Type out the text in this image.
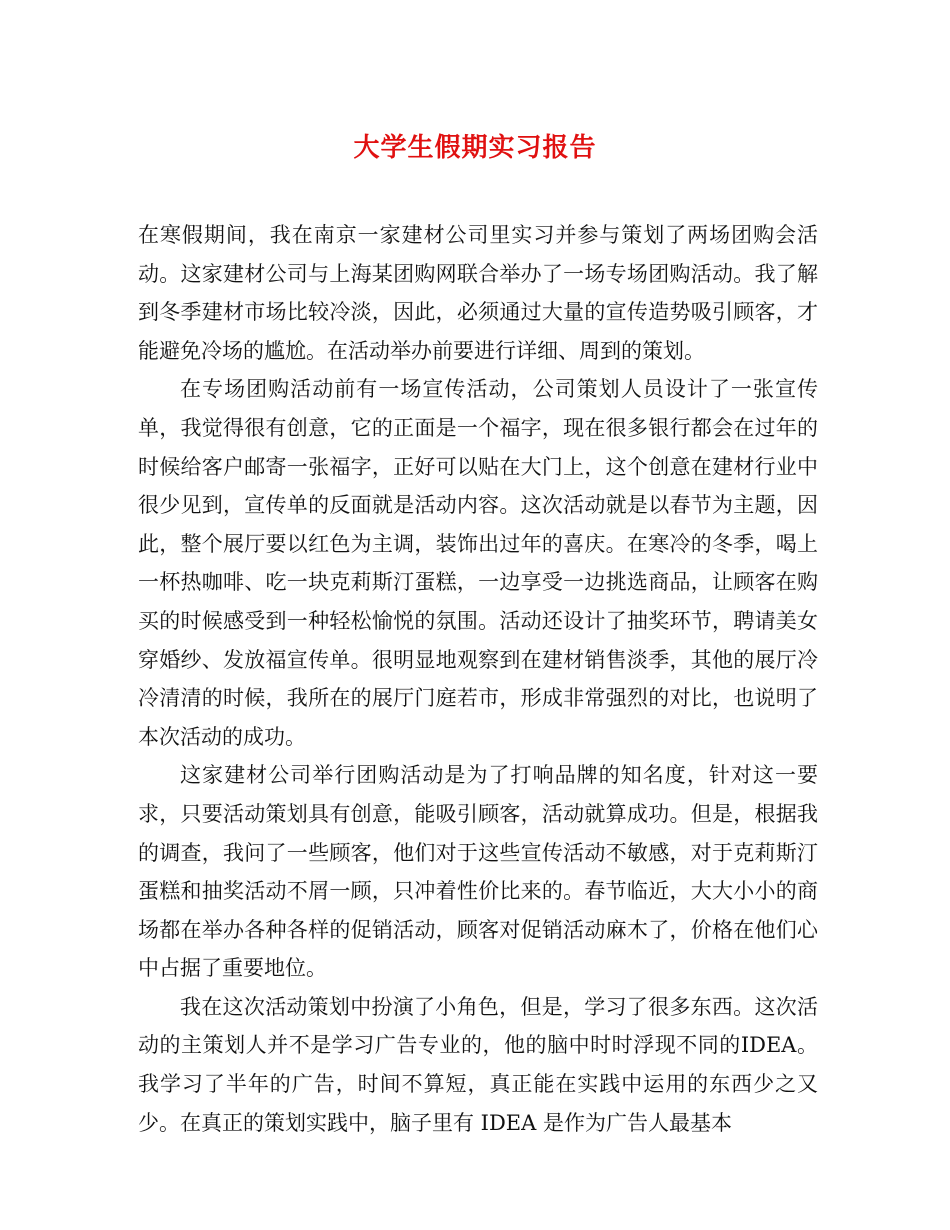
大学生假期实习报告

在寒假期间，我在南京一家建材公司里实习并参与策划了两场团购会活动。这家建材公司与上海某团购网联合举办了一场专场团购活动。我了解到冬季建材市场比较冷淡，因此，必须通过大量的宣传造势吸引顾客，才能避免冷场的尴尬。在活动举办前要进行详细、周到的策划。

在专场团购活动前有一场宣传活动，公司策划人员设计了一张宣传单，我觉得很有创意，它的正面是一个福字，现在很多银行都会在过年的时候给客户邮寄一张福字，正好可以贴在大门上，这个创意在建材行业中很少见到，宣传单的反面就是活动内容。这次活动就是以春节为主题，因此，整个展厅要以红色为主调，装饰出过年的喜庆。在寒冷的冬季，喝上一杯热咖啡、吃一块克莉斯汀蛋糕，一边享受一边挑选商品，让顾客在购买的时候感受到一种轻松愉悦的氛围。活动还设计了抽奖环节，聘请美女穿婚纱、发放福宣传单。很明显地观察到在建材销售淡季，其他的展厅冷冷清清的时候，我所在的展厅门庭若市，形成非常强烈的对比，也说明了本次活动的成功。

这家建材公司举行团购活动是为了打响品牌的知名度，针对这一要求，只要活动策划具有创意，能吸引顾客，活动就算成功。但是，根据我的调查，我问了一些顾客，他们对于这些宣传活动不敏感，对于克莉斯汀蛋糕和抽奖活动不屑一顾，只冲着性价比来的。春节临近，大大小小的商场都在举办各种各样的促销活动，顾客对促销活动麻木了，价格在他们心中占据了重要地位。

我在这次活动策划中扮演了小角色，但是，学习了很多东西。这次活动的主策划人并不是学习广告专业的，他的脑中时时浮现不同的IDEA。我学习了半年的广告，时间不算短，真正能在实践中运用的东西少之又少。在真正的策划实践中，脑子里有 IDEA 是作为广告人最基本
